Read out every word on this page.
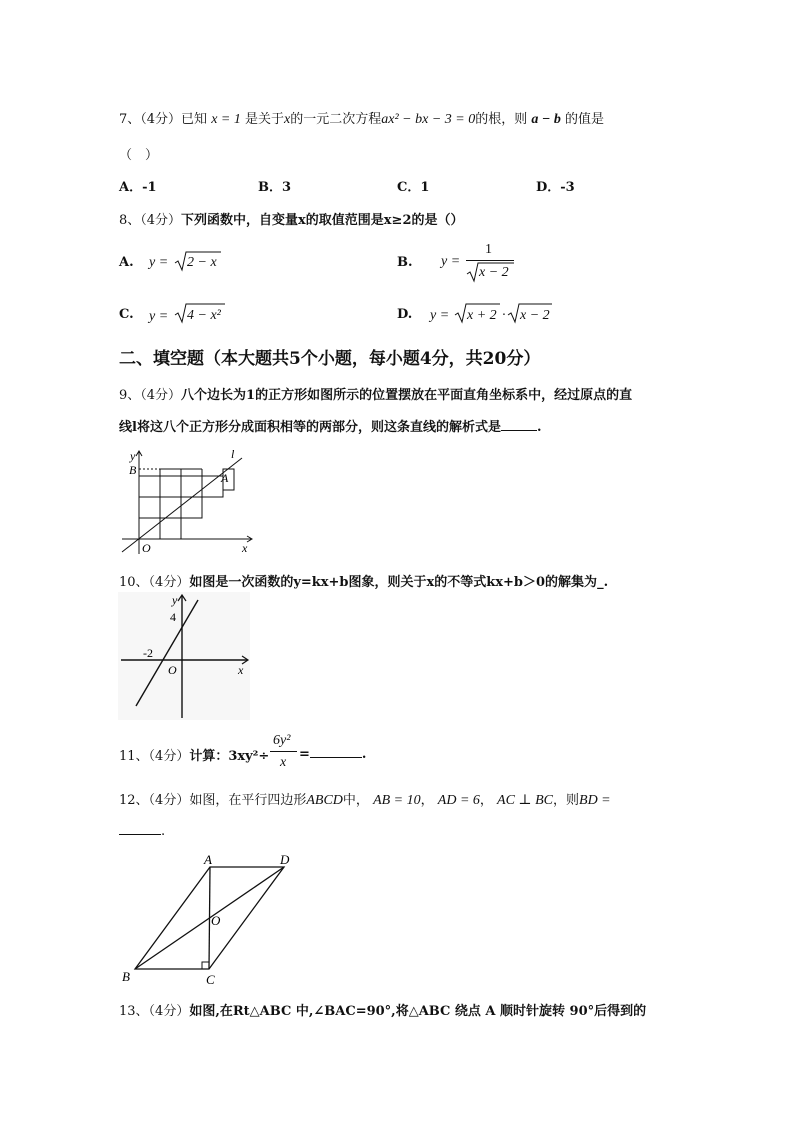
7、（4分）已知 x = 1 是关于x的一元二次方程ax² − bx − 3 = 0的根，则 a − b 的值是
（　）
A．-1	B．3	C．1	D．-3
8、（4分）下列函数中，自变量x的取值范围是x≥2的是（）
A. y = 2 − x	B. y =
1
x − 2
C. y = 4 − x²	D. y = x + 2 · x − 2
二、填空题（本大题共5个小题，每小题4分，共20分）
9、（4分）八个边长为1的正方形如图所示的位置摆放在平面直角坐标系中，经过原点的直
线l将这八个正方形分成面积相等的两部分，则这条直线的解析式是	.
y
B
l
A
O	x
10、（4分）如图是一次函数的y=kx+b图象，则关于x的不等式kx+b＞0的解集为_.
y
4
-2
O	x
11、（4分）计算：3xy²÷
6y²
x
=	.
12、（4分）如图，在平行四边形ABCD中， AB = 10， AD = 6， AC ⊥ BC，则BD =
.
A	D
O
B	C
13、（4分）如图,在Rt△ABC 中,∠BAC=90°,将△ABC 绕点 A 顺时针旋转 90°后得到的
